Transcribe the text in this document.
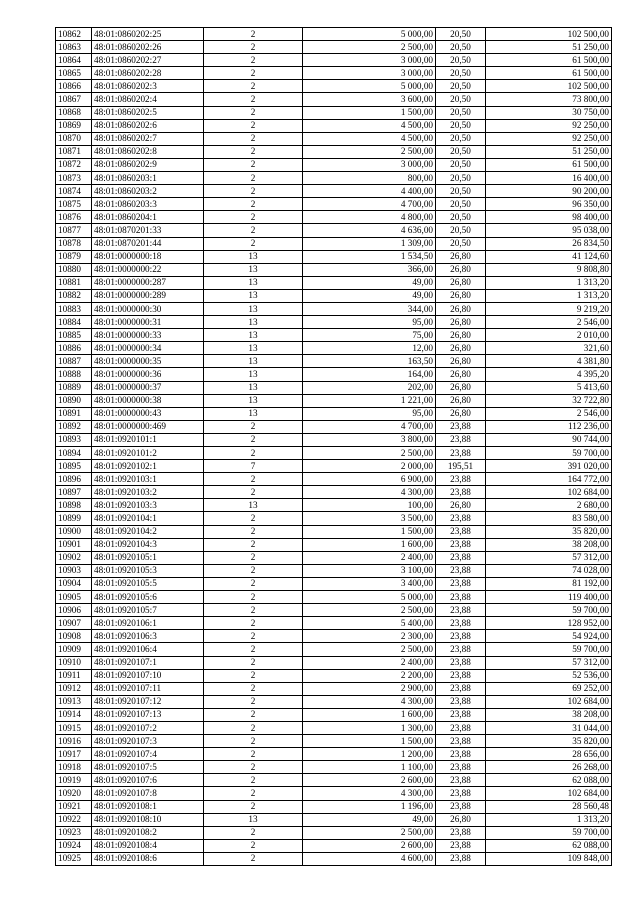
10862	48:01:0860202:25	2	5 000,00	20,50	102 500,00
10863	48:01:0860202:26	2	2 500,00	20,50	51 250,00
10864	48:01:0860202:27	2	3 000,00	20,50	61 500,00
10865	48:01:0860202:28	2	3 000,00	20,50	61 500,00
10866	48:01:0860202:3	2	5 000,00	20,50	102 500,00
10867	48:01:0860202:4	2	3 600,00	20,50	73 800,00
10868	48:01:0860202:5	2	1 500,00	20,50	30 750,00
10869	48:01:0860202:6	2	4 500,00	20,50	92 250,00
10870	48:01:0860202:7	2	4 500,00	20,50	92 250,00
10871	48:01:0860202:8	2	2 500,00	20,50	51 250,00
10872	48:01:0860202:9	2	3 000,00	20,50	61 500,00
10873	48:01:0860203:1	2	800,00	20,50	16 400,00
10874	48:01:0860203:2	2	4 400,00	20,50	90 200,00
10875	48:01:0860203:3	2	4 700,00	20,50	96 350,00
10876	48:01:0860204:1	2	4 800,00	20,50	98 400,00
10877	48:01:0870201:33	2	4 636,00	20,50	95 038,00
10878	48:01:0870201:44	2	1 309,00	20,50	26 834,50
10879	48:01:0000000:18	13	1 534,50	26,80	41 124,60
10880	48:01:0000000:22	13	366,00	26,80	9 808,80
10881	48:01:0000000:287	13	49,00	26,80	1 313,20
10882	48:01:0000000:289	13	49,00	26,80	1 313,20
10883	48:01:0000000:30	13	344,00	26,80	9 219,20
10884	48:01:0000000:31	13	95,00	26,80	2 546,00
10885	48:01:0000000:33	13	75,00	26,80	2 010,00
10886	48:01:0000000:34	13	12,00	26,80	321,60
10887	48:01:0000000:35	13	163,50	26,80	4 381,80
10888	48:01:0000000:36	13	164,00	26,80	4 395,20
10889	48:01:0000000:37	13	202,00	26,80	5 413,60
10890	48:01:0000000:38	13	1 221,00	26,80	32 722,80
10891	48:01:0000000:43	13	95,00	26,80	2 546,00
10892	48:01:0000000:469	2	4 700,00	23,88	112 236,00
10893	48:01:0920101:1	2	3 800,00	23,88	90 744,00
10894	48:01:0920101:2	2	2 500,00	23,88	59 700,00
10895	48:01:0920102:1	7	2 000,00	195,51	391 020,00
10896	48:01:0920103:1	2	6 900,00	23,88	164 772,00
10897	48:01:0920103:2	2	4 300,00	23,88	102 684,00
10898	48:01:0920103:3	13	100,00	26,80	2 680,00
10899	48:01:0920104:1	2	3 500,00	23,88	83 580,00
10900	48:01:0920104:2	2	1 500,00	23,88	35 820,00
10901	48:01:0920104:3	2	1 600,00	23,88	38 208,00
10902	48:01:0920105:1	2	2 400,00	23,88	57 312,00
10903	48:01:0920105:3	2	3 100,00	23,88	74 028,00
10904	48:01:0920105:5	2	3 400,00	23,88	81 192,00
10905	48:01:0920105:6	2	5 000,00	23,88	119 400,00
10906	48:01:0920105:7	2	2 500,00	23,88	59 700,00
10907	48:01:0920106:1	2	5 400,00	23,88	128 952,00
10908	48:01:0920106:3	2	2 300,00	23,88	54 924,00
10909	48:01:0920106:4	2	2 500,00	23,88	59 700,00
10910	48:01:0920107:1	2	2 400,00	23,88	57 312,00
10911	48:01:0920107:10	2	2 200,00	23,88	52 536,00
10912	48:01:0920107:11	2	2 900,00	23,88	69 252,00
10913	48:01:0920107:12	2	4 300,00	23,88	102 684,00
10914	48:01:0920107:13	2	1 600,00	23,88	38 208,00
10915	48:01:0920107:2	2	1 300,00	23,88	31 044,00
10916	48:01:0920107:3	2	1 500,00	23,88	35 820,00
10917	48:01:0920107:4	2	1 200,00	23,88	28 656,00
10918	48:01:0920107:5	2	1 100,00	23,88	26 268,00
10919	48:01:0920107:6	2	2 600,00	23,88	62 088,00
10920	48:01:0920107:8	2	4 300,00	23,88	102 684,00
10921	48:01:0920108:1	2	1 196,00	23,88	28 560,48
10922	48:01:0920108:10	13	49,00	26,80	1 313,20
10923	48:01:0920108:2	2	2 500,00	23,88	59 700,00
10924	48:01:0920108:4	2	2 600,00	23,88	62 088,00
10925	48:01:0920108:6	2	4 600,00	23,88	109 848,00
